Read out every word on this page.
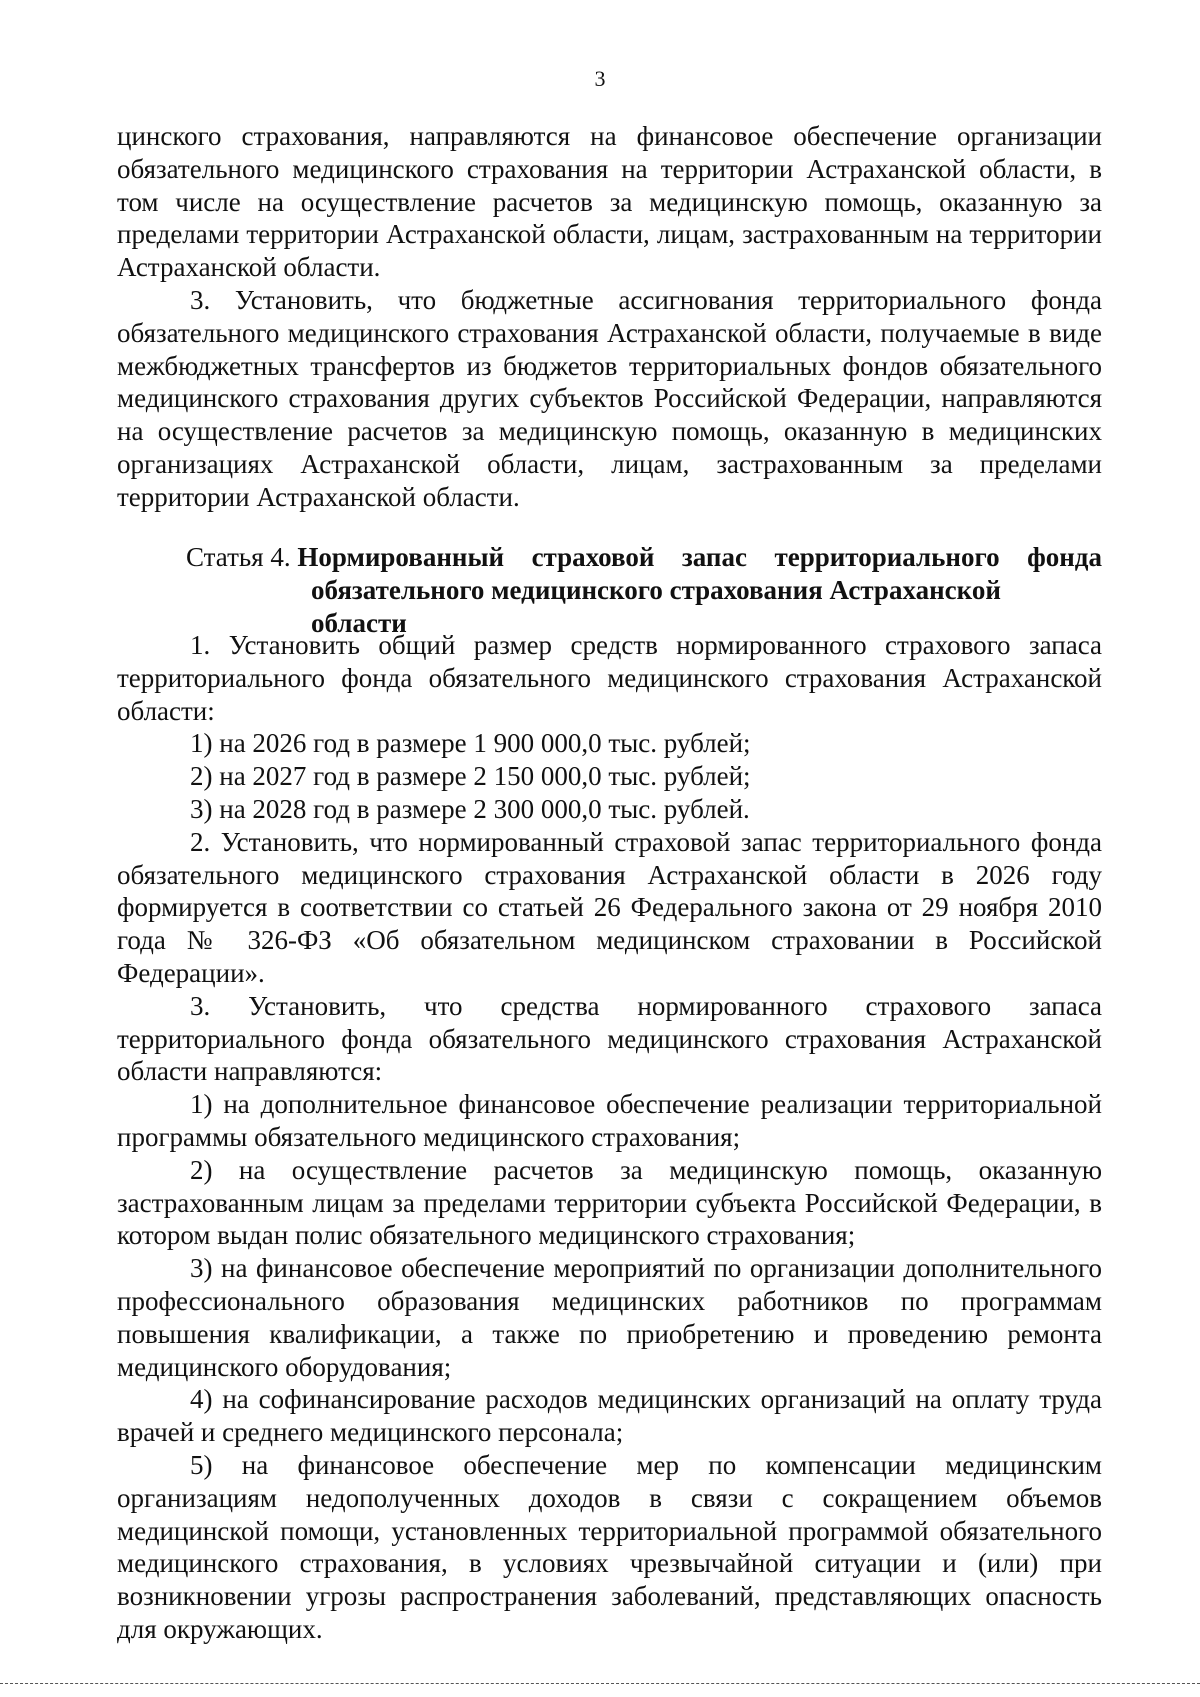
3

цинского страхования, направляются на финансовое обеспечение организации обязательного медицинского страхования на территории Астраханской области, в том числе на осуществление расчетов за медицинскую помощь, оказанную за пределами территории Астраханской области, лицам, застрахованным на территории Астраханской области.

3. Установить, что бюджетные ассигнования территориального фонда обязательного медицинского страхования Астраханской области, получаемые в виде межбюджетных трансфертов из бюджетов территориальных фондов обязательного медицинского страхования других субъектов Российской Федерации, направляются на осуществление расчетов за медицинскую помощь, оказанную в медицинских организациях Астраханской области, лицам, застрахованным за пределами территории Астраханской области.

Статья 4. Нормированный страховой запас территориального фонда
обязательного медицинского страхования Астраханской области

1. Установить общий размер средств нормированного страхового запаса территориального фонда обязательного медицинского страхования Астраханской области:

1) на 2026 год в размере 1 900 000,0 тыс. рублей;

2) на 2027 год в размере 2 150 000,0 тыс. рублей;

3) на 2028 год в размере 2 300 000,0 тыс. рублей.

2. Установить, что нормированный страховой запас территориального фонда обязательного медицинского страхования Астраханской области в 2026 году формируется в соответствии со статьей 26 Федерального закона от 29 ноября 2010 года № 326-ФЗ «Об обязательном медицинском страховании в Российской Федерации».

3. Установить, что средства нормированного страхового запаса территориального фонда обязательного медицинского страхования Астраханской области направляются:

1) на дополнительное финансовое обеспечение реализации территориальной программы обязательного медицинского страхования;

2) на осуществление расчетов за медицинскую помощь, оказанную застрахованным лицам за пределами территории субъекта Российской Федерации, в котором выдан полис обязательного медицинского страхования;

3) на финансовое обеспечение мероприятий по организации дополнительного профессионального образования медицинских работников по программам повышения квалификации, а также по приобретению и проведению ремонта медицинского оборудования;

4) на софинансирование расходов медицинских организаций на оплату труда врачей и среднего медицинского персонала;

5) на финансовое обеспечение мер по компенсации медицинским организациям недополученных доходов в связи с сокращением объемов медицинской помощи, установленных территориальной программой обязательного медицинского страхования, в условиях чрезвычайной ситуации и (или) при возникновении угрозы распространения заболеваний, представляющих опасность для окружающих.
